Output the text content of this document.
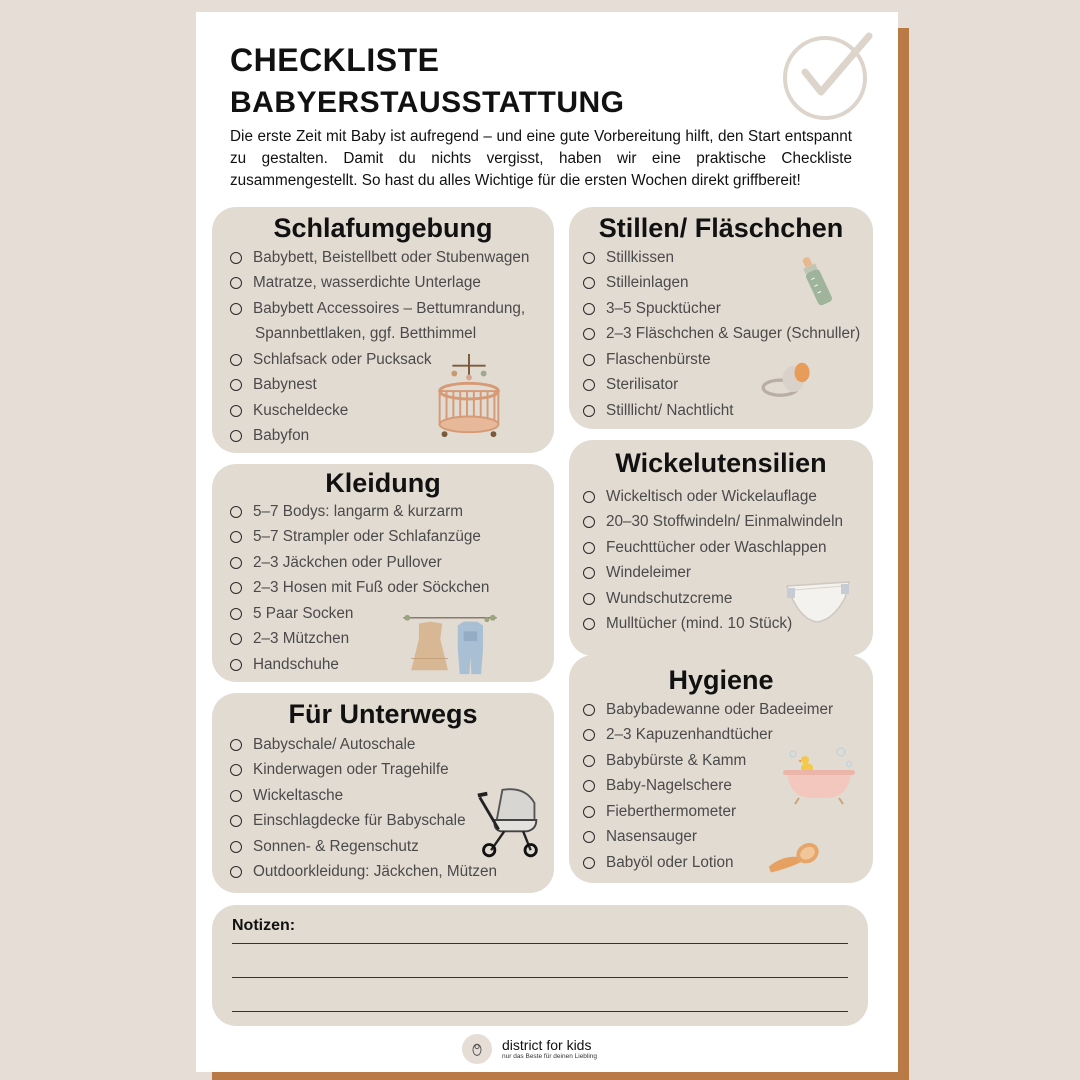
CHECKLISTE
BABYERSTAUSSTATTUNG

Die erste Zeit mit Baby ist aufregend – und eine gute Vorbereitung hilft, den Start entspannt zu gestalten. Damit du nichts vergisst, haben wir eine praktische Checkliste zusammengestellt. So hast du alles Wichtige für die ersten Wochen direkt griffbereit!

Schlafumgebung
Babybett, Beistellbett oder Stubenwagen
Matratze, wasserdichte Unterlage
Babybett Accessoires – Bettumrandung,
Spannbettlaken, ggf. Betthimmel
Schlafsack oder Pucksack
Babynest
Kuscheldecke
Babyfon
Stillen/ Fläschchen
Stillkissen
Stilleinlagen
3–5 Spucktücher
2–3 Fläschchen & Sauger (Schnuller)
Flaschenbürste
Sterilisator
Stilllicht/ Nachtlicht
Kleidung
5–7 Bodys: langarm & kurzarm
5–7 Strampler oder Schlafanzüge
2–3 Jäckchen oder Pullover
2–3 Hosen mit Fuß oder Söckchen
5 Paar Socken
2–3 Mützchen
Handschuhe
Wickelutensilien
Wickeltisch oder Wickelauflage
20–30 Stoffwindeln/ Einmalwindeln
Feuchttücher oder Waschlappen
Windeleimer
Wundschutzcreme
Mulltücher (mind. 10 Stück)
Für Unterwegs
Babyschale/ Autoschale
Kinderwagen oder Tragehilfe
Wickeltasche
Einschlagdecke für Babyschale
Sonnen- & Regenschutz
Outdoorkleidung: Jäckchen, Mützen
Hygiene
Babybadewanne oder Badeeimer
2–3 Kapuzenhandtücher
Babybürste & Kamm
Baby-Nagelschere
Fieberthermometer
Nasensauger
Babyöl oder Lotion
Notizen:
district for kids
nur das Beste für deinen Liebling
